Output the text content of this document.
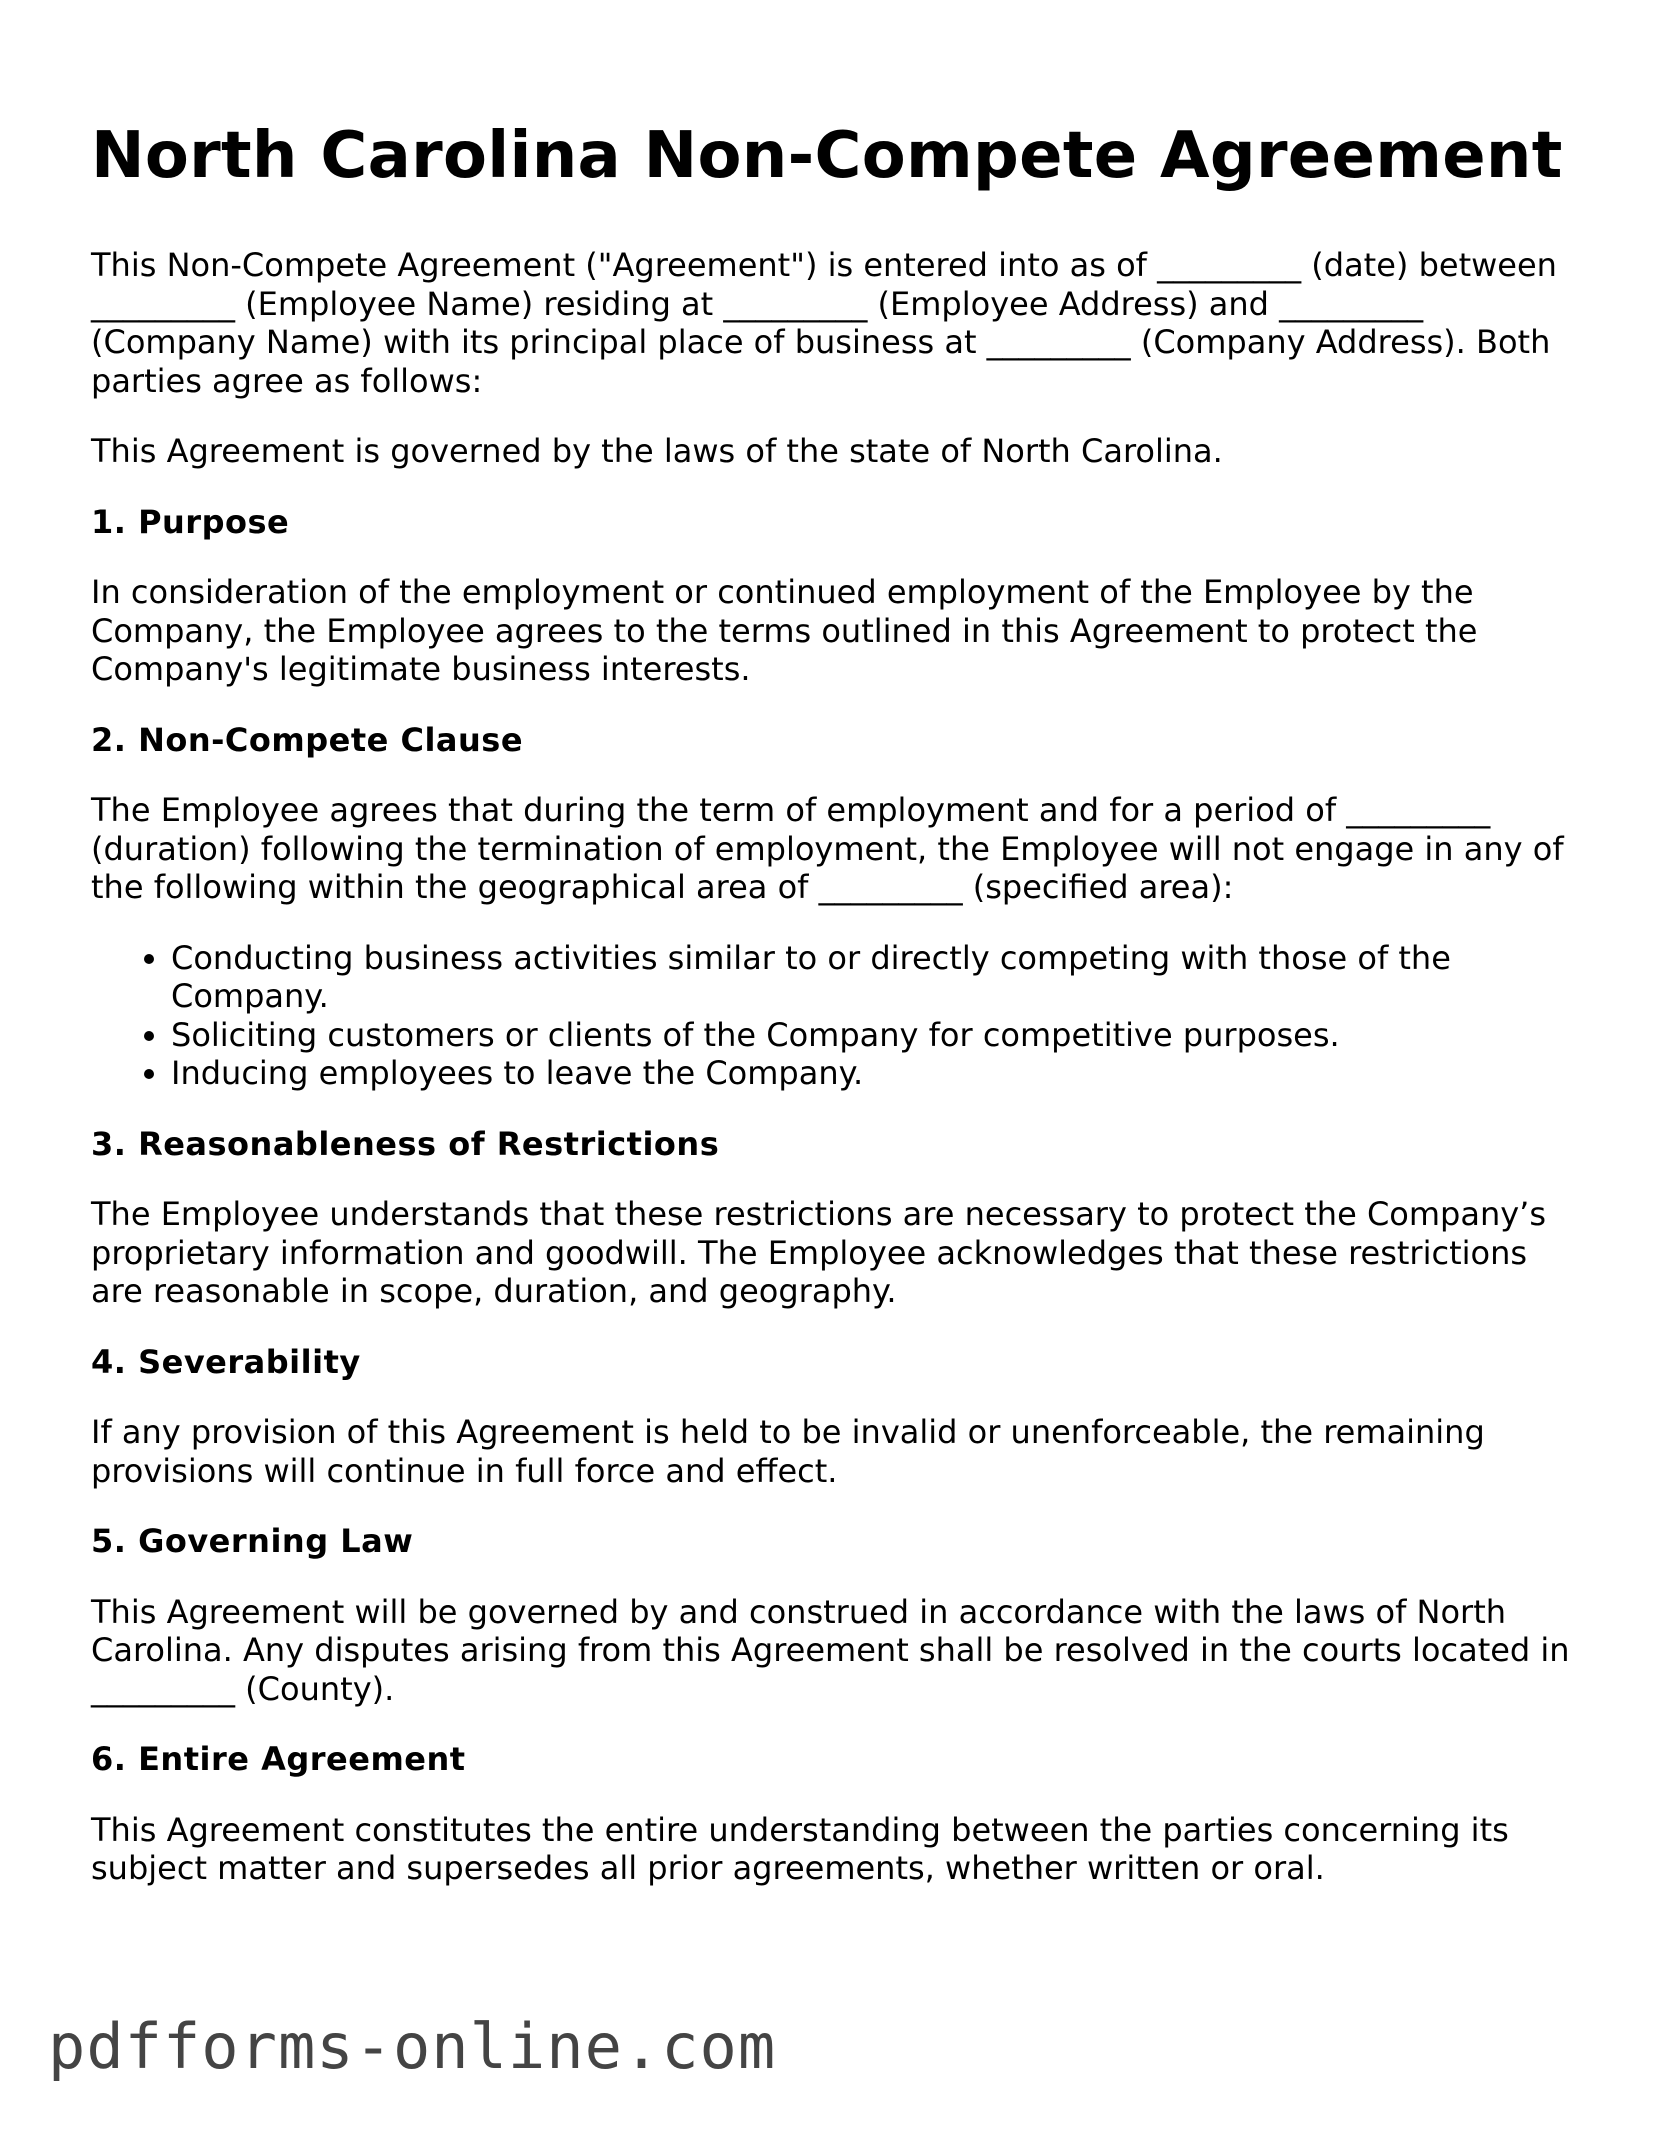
North Carolina Non-Compete Agreement

This Non-Compete Agreement ("Agreement") is entered into as of _________ (date) between _________ (Employee Name) residing at _________ (Employee Address) and _________ (Company Name) with its principal place of business at _________ (Company Address). Both parties agree as follows:

This Agreement is governed by the laws of the state of North Carolina.

1. Purpose

In consideration of the employment or continued employment of the Employee by the Company, the Employee agrees to the terms outlined in this Agreement to protect the Company's legitimate business interests.

2. Non-Compete Clause

The Employee agrees that during the term of employment and for a period of _________ (duration) following the termination of employment, the Employee will not engage in any of the following within the geographical area of _________ (specified area):

• Conducting business activities similar to or directly competing with those of the Company.
• Soliciting customers or clients of the Company for competitive purposes.
• Inducing employees to leave the Company.
3. Reasonableness of Restrictions

The Employee understands that these restrictions are necessary to protect the Company’s proprietary information and goodwill. The Employee acknowledges that these restrictions are reasonable in scope, duration, and geography.

4. Severability

If any provision of this Agreement is held to be invalid or unenforceable, the remaining provisions will continue in full force and effect.

5. Governing Law

This Agreement will be governed by and construed in accordance with the laws of North Carolina. Any disputes arising from this Agreement shall be resolved in the courts located in _________ (County).

6. Entire Agreement

This Agreement constitutes the entire understanding between the parties concerning its subject matter and supersedes all prior agreements, whether written or oral.

pdfforms-online.com
